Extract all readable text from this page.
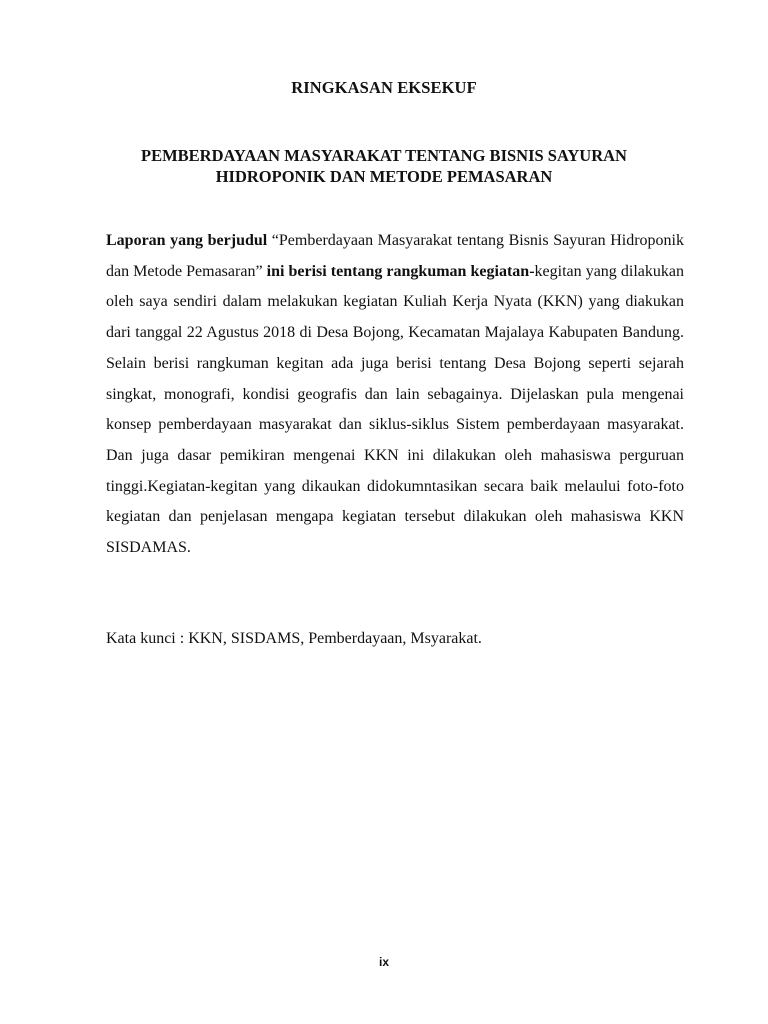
RINGKASAN EKSEKUF
PEMBERDAYAAN MASYARAKAT TENTANG BISNIS SAYURAN
HIDROPONIK DAN METODE PEMASARAN

Laporan yang berjudul “Pemberdayaan Masyarakat tentang Bisnis Sayuran Hidroponik dan Metode Pemasaran” ini berisi tentang rangkuman kegiatan-kegitan yang dilakukan oleh saya sendiri dalam melakukan kegiatan Kuliah Kerja Nyata (KKN) yang diakukan dari tanggal 22 Agustus 2018 di Desa Bojong, Kecamatan Majalaya Kabupaten Bandung. Selain berisi rangkuman kegitan ada juga berisi tentang Desa Bojong seperti sejarah singkat, monografi, kondisi geografis dan lain sebagainya. Dijelaskan pula mengenai konsep pemberdayaan masyarakat dan siklus-siklus Sistem pemberdayaan masyarakat. Dan juga dasar pemikiran mengenai KKN ini dilakukan oleh mahasiswa perguruan tinggi.Kegiatan-kegitan yang dikaukan didokumntasikan secara baik melaului foto-foto kegiatan dan penjelasan mengapa kegiatan tersebut dilakukan oleh mahasiswa KKN SISDAMAS.

Kata kunci : KKN, SISDAMS, Pemberdayaan, Msyarakat.
ix
